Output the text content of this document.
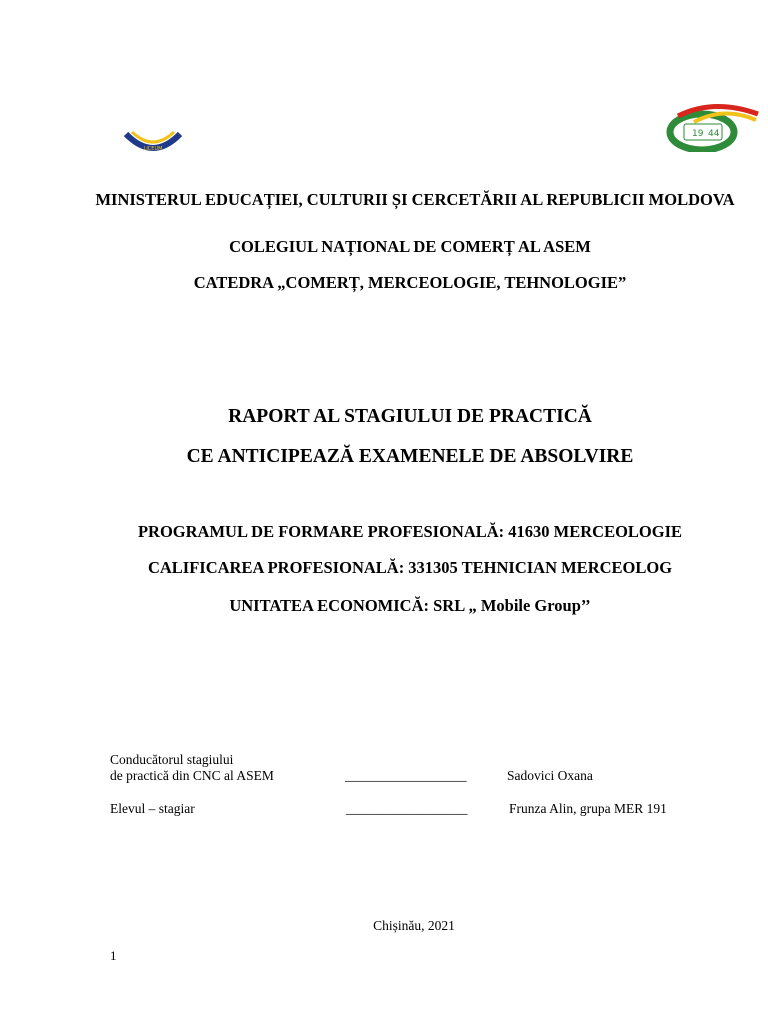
LICEUM
19 44
MINISTERUL EDUCAȚIEI, CULTURII ȘI CERCETĂRII AL REPUBLICII MOLDOVA
COLEGIUL NAȚIONAL DE COMERȚ AL ASEM
CATEDRA „COMERȚ, MERCEOLOGIE, TEHNOLOGIE”
RAPORT AL STAGIULUI DE PRACTICĂ
CE ANTICIPEAZĂ EXAMENELE DE ABSOLVIRE
PROGRAMUL DE FORMARE PROFESIONALĂ: 41630 MERCEOLOGIE
CALIFICAREA PROFESIONALĂ: 331305 TEHNICIAN MERCEOLOG
UNITATEA ECONOMICĂ: SRL „ Mobile Group’’
Conducătorul stagiului
de practică din CNC al ASEM	__________________	Sadovici Oxana
Elevul – stagiar	__________________	Frunza Alin, grupa MER 191
Chișinău, 2021
1
